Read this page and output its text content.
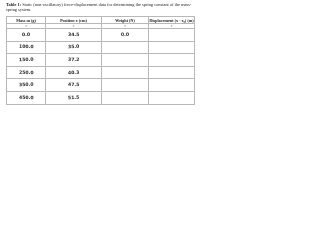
Table 1: Static (non-oscillatory) force-displacement data for determining the spring constant of the mass-spring system.
Mass m (g)	Position x (cm)	Weight (N)	Displacement (x - x₀) (m)
±	±	±	±
0.0	34.5	0.0	
100.0	35.0		
150.0	37.2		
250.0	40.3		
350.0	47.5		
450.0	51.5		
